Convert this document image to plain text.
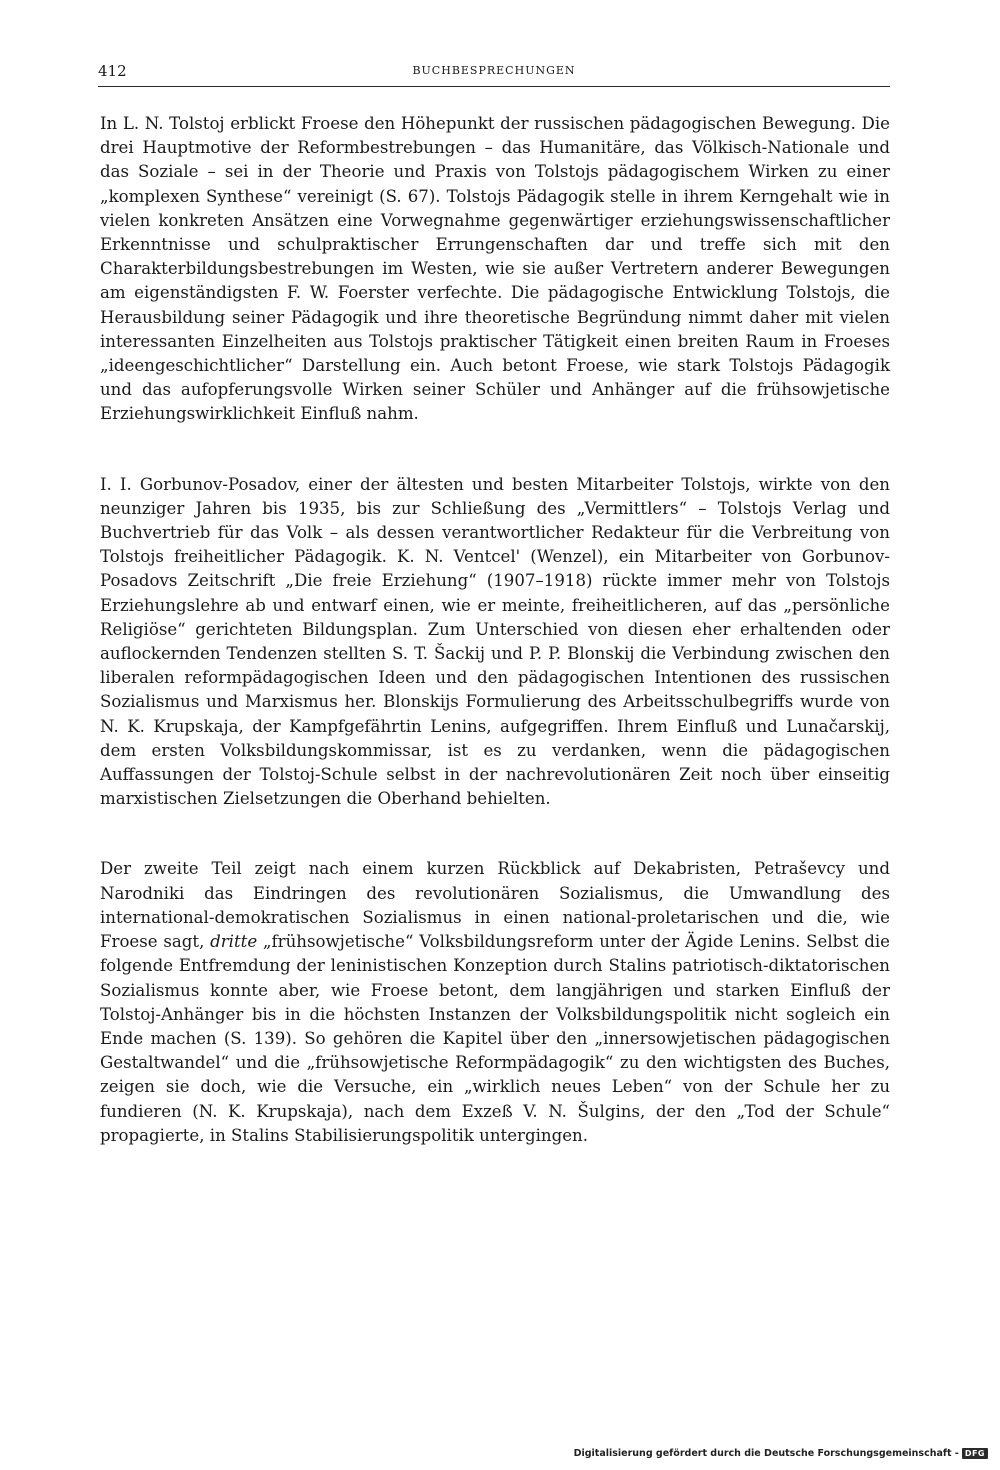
412	BUCHBESPRECHUNGEN

In L. N. Tolstoj erblickt Froese den Höhepunkt der russischen pädagogischen Bewegung. Die drei Hauptmotive der Reformbestrebungen – das Humanitäre, das Völkisch-Nationale und das Soziale – sei in der Theorie und Praxis von Tolstojs pädagogischem Wirken zu einer „komplexen Synthese“ vereinigt (S. 67). Tolstojs Pädagogik stelle in ihrem Kerngehalt wie in vielen konkreten Ansätzen eine Vorwegnahme gegenwärtiger erziehungswissenschaftlicher Erkenntnisse und schulpraktischer Errungenschaften dar und treffe sich mit den Charakterbildungsbestrebungen im Westen, wie sie außer Vertretern anderer Bewegungen am eigenständigsten F. W. Foerster verfechte. Die pädagogische Entwicklung Tolstojs, die Herausbildung seiner Pädagogik und ihre theoretische Begründung nimmt daher mit vielen interessanten Einzelheiten aus Tolstojs praktischer Tätigkeit einen breiten Raum in Froeses „ideengeschichtlicher“ Darstellung ein. Auch betont Froese, wie stark Tolstojs Pädagogik und das aufopferungsvolle Wirken seiner Schüler und Anhänger auf die frühsowjetische Erziehungswirklichkeit Einfluß nahm.

I. I. Gorbunov-Posadov, einer der ältesten und besten Mitarbeiter Tolstojs, wirkte von den neunziger Jahren bis 1935, bis zur Schließung des „Vermittlers“ – Tolstojs Verlag und Buchvertrieb für das Volk – als dessen verantwortlicher Redakteur für die Verbreitung von Tolstojs freiheitlicher Pädagogik. K. N. Ventcel' (Wenzel), ein Mitarbeiter von Gorbunov-Posadovs Zeitschrift „Die freie Erziehung“ (1907–1918) rückte immer mehr von Tolstojs Erziehungslehre ab und entwarf einen, wie er meinte, freiheitlicheren, auf das „persönliche Religiöse“ gerichteten Bildungsplan. Zum Unterschied von diesen eher erhaltenden oder auflockernden Tendenzen stellten S. T. Šackij und P. P. Blonskij die Verbindung zwischen den liberalen reformpädagogischen Ideen und den pädagogischen Intentionen des russischen Sozialismus und Marxismus her. Blonskijs Formulierung des Arbeitsschulbegriffs wurde von N. K. Krupskaja, der Kampfgefährtin Lenins, aufgegriffen. Ihrem Einfluß und Lunačarskij, dem ersten Volksbildungskommissar, ist es zu verdanken, wenn die pädagogischen Auffassungen der Tolstoj-Schule selbst in der nachrevolutionären Zeit noch über einseitig marxistischen Zielsetzungen die Oberhand behielten.

Der zweite Teil zeigt nach einem kurzen Rückblick auf Dekabristen, Petraševcy und Narodniki das Eindringen des revolutionären Sozialismus, die Umwandlung des international-demokratischen Sozialismus in einen national-proletarischen und die, wie Froese sagt, dritte „frühsowjetische“ Volksbildungsreform unter der Ägide Lenins. Selbst die folgende Entfremdung der leninistischen Konzeption durch Stalins patriotisch-diktatorischen Sozialismus konnte aber, wie Froese betont, dem langjährigen und starken Einfluß der Tolstoj-Anhänger bis in die höchsten Instanzen der Volksbildungspolitik nicht sogleich ein Ende machen (S. 139). So gehören die Kapitel über den „innersowjetischen pädagogischen Gestaltwandel“ und die „frühsowjetische Reformpädagogik“ zu den wichtigsten des Buches, zeigen sie doch, wie die Versuche, ein „wirklich neues Leben“ von der Schule her zu fundieren (N. K. Krupskaja), nach dem Exzeß V. N. Šulgins, der den „Tod der Schule“ propagierte, in Stalins Stabilisierungspolitik untergingen.

Digitalisierung gefördert durch die Deutsche Forschungsgemeinschaft - DFG
